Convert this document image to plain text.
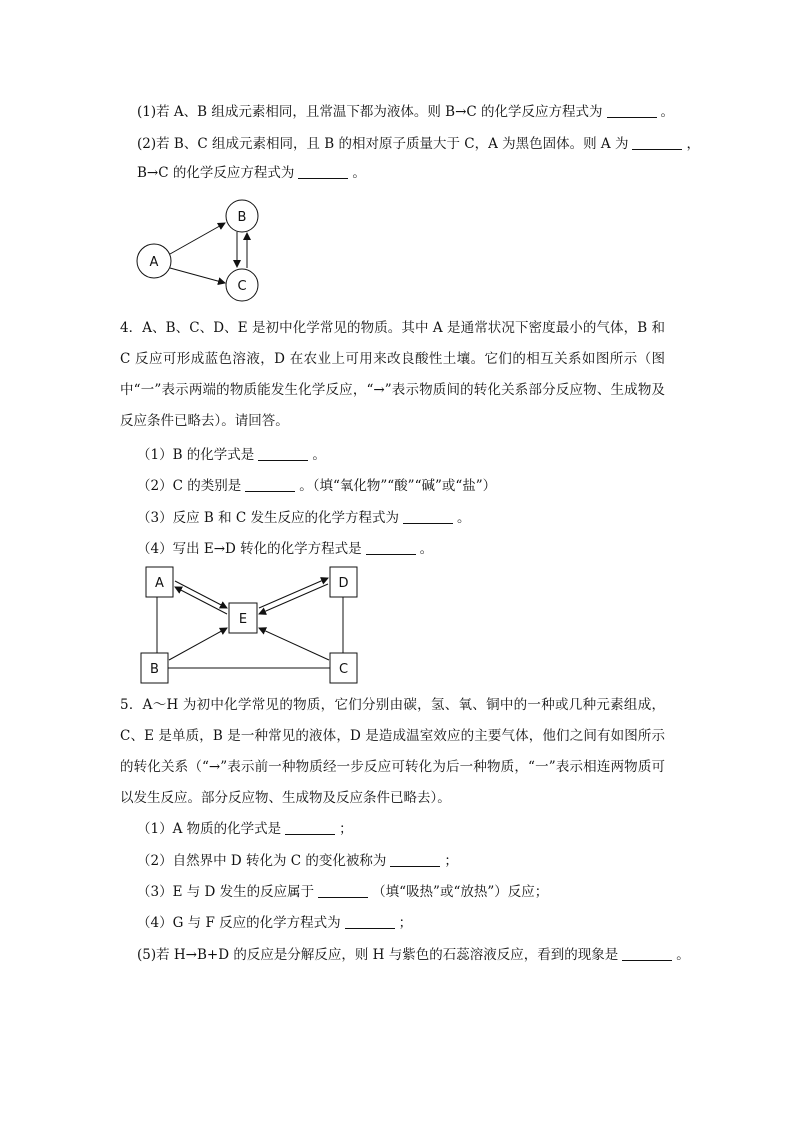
(1)若 A、B 组成元素相同，且常温下都为液体。则 B→C 的化学反应方程式为	。
(2)若 B、C 组成元素相同，且 B 的相对原子质量大于 C，A 为黑色固体。则 A 为	，
B→C 的化学反应方程式为	。
A
B
C
4．A、B、C、D、E 是初中化学常见的物质。其中 A 是通常状况下密度最小的气体，B 和 C 反应可形成蓝色溶液，D 在农业上可用来改良酸性土壤。它们的相互关系如图所示（图中“一”表示两端的物质能发生化学反应，“→”表示物质间的转化关系部分反应物、生成物及反应条件已略去）。请回答。
（1）B 的化学式是	。
（2）C 的类别是	。（填“氧化物”“酸”“碱”或“盐”）
（3）反应 B 和 C 发生反应的化学方程式为	。
（4）写出 E→D 转化的化学方程式是	。
A	D
E
B	C
5．A～H 为初中化学常见的物质，它们分别由碳，氢、氧、铜中的一种或几种元素组成，C、E 是单质，B 是一种常见的液体，D 是造成温室效应的主要气体，他们之间有如图所示的转化关系（“→”表示前一种物质经一步反应可转化为后一种物质，“一”表示相连两物质可以发生反应。部分反应物、生成物及反应条件已略去）。
（1）A 物质的化学式是	；
（2）自然界中 D 转化为 C 的变化被称为	；
（3）E 与 D 发生的反应属于	（填“吸热”或“放热”）反应；
（4）G 与 F 反应的化学方程式为	；
(5)若 H→B+D 的反应是分解反应，则 H 与紫色的石蕊溶液反应，看到的现象是	。
